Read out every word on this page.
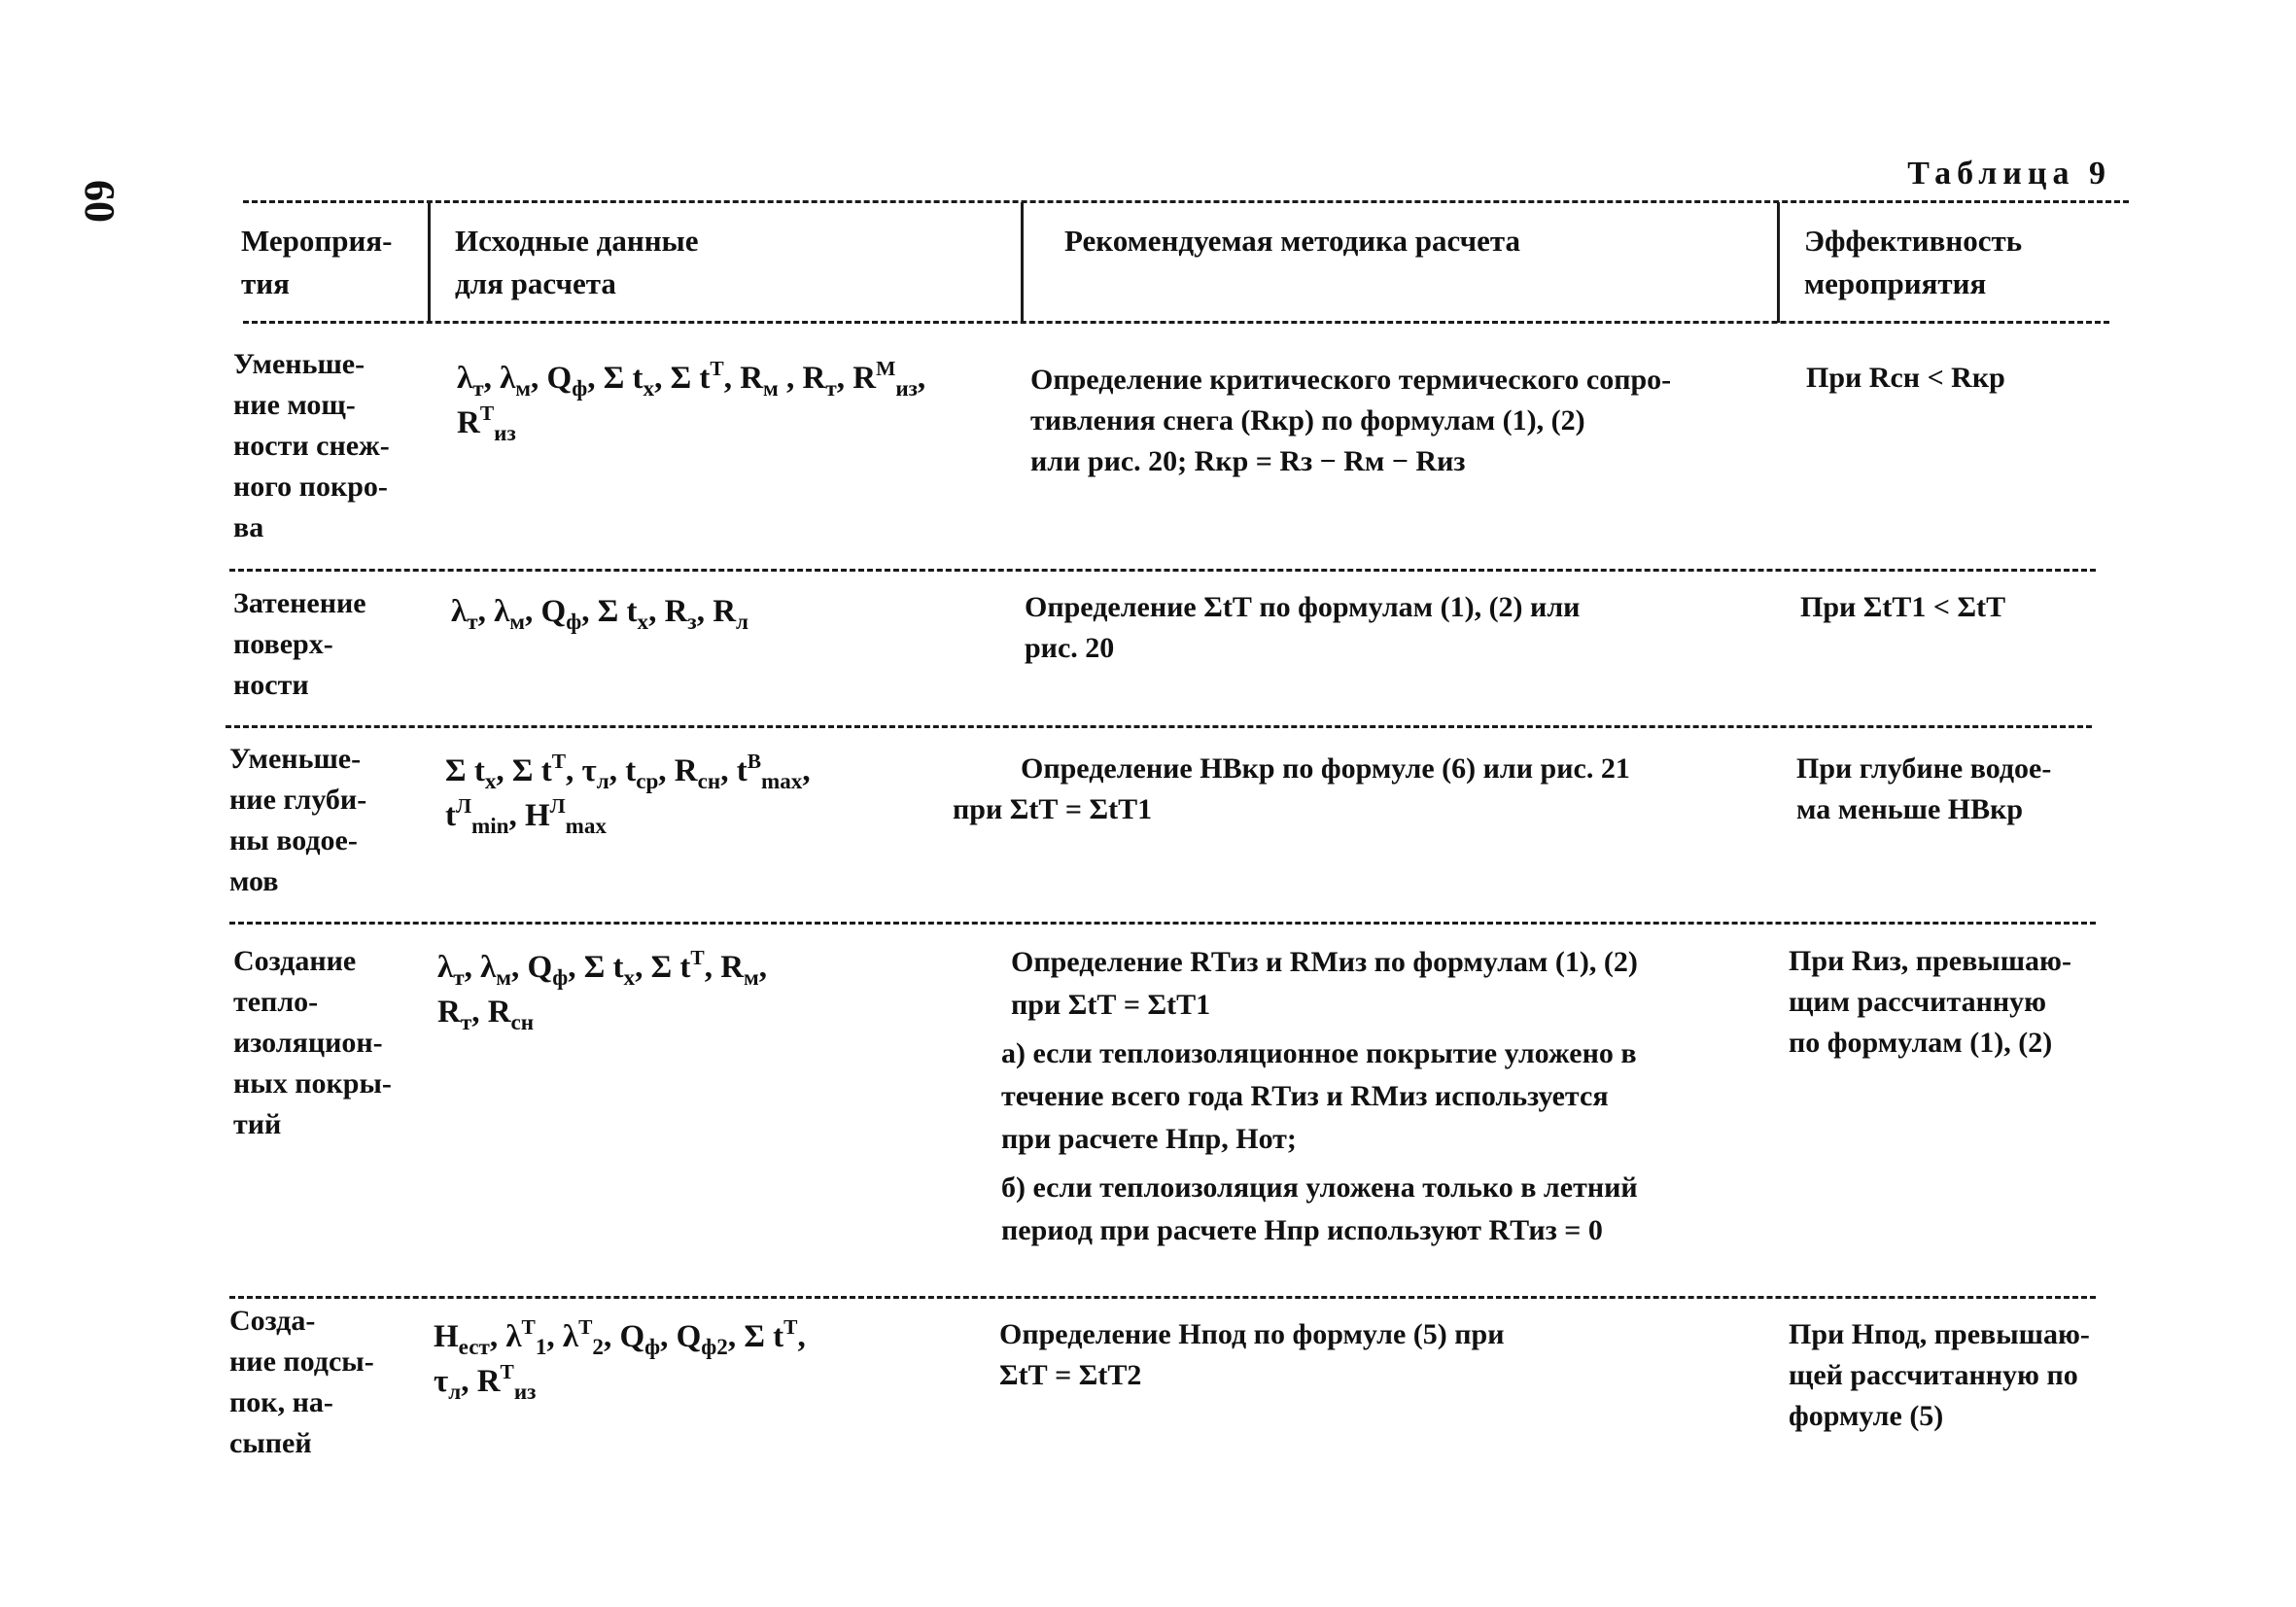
60
Таблица 9
Мероприя-
тия
Исходные данные
для расчета
Рекомендуемая методика расчета	Эффективность
мероприятия
Уменьше-
ние мощ-
ности снеж-
ного покро-
ва
$\lambda_т$, $\lambda_м$, $Q_ф$, Σ $t_х$, Σ $t^Т$, $R_м$ , $R_т$, $R^М_{из}$,
$R^Т_{из}$
Определение критического термического сопро-
тивления снега (Rкр) по формулам (1), (2)
или рис. 20; Rкр = Rз − Rм − Rиз
При Rсн < Rкр
Затенение
поверх-
ности
$\lambda_т$, $\lambda_м$, $Q_ф$, Σ $t_х$, $R_з$, $R_л$	Определение ΣtТ по формулам (1), (2) или
рис. 20
При ΣtТ1 < ΣtТ
Уменьше-
ние глуби-
ны водое-
мов
Σ $t_х$, Σ $t^Т$, $\tau_л$, $t_{ср}$, $R_{сн}$, $t^В_{max}$,
$t^Л_{min}$, $H^Л_{max}$
Определение HВкр по формуле (6) или рис. 21
при ΣtТ = ΣtТ1
При глубине водое-
ма меньше HВкр
Создание
тепло-
изоляцион-
ных покры-
тий
$\lambda_т$, $\lambda_м$, $Q_ф$, Σ $t_х$, Σ $t^Т$, $R_м$,
$R_т$, $R_{сн}$
Определение RТиз и RМиз по формулам (1), (2)
при ΣtТ = ΣtТ1
а) если теплоизоляционное покрытие уложено в
течение всего года RТиз и RМиз используется
при расчете Hпр, Hот;
б) если теплоизоляция уложена только в летний
период при расчете Hпр используют RТиз = 0
При Rиз, превышаю-
щим рассчитанную
по формулам (1), (2)
Созда-
ние подсы-
пок, на-
сыпей
$H_{ест}$, $\lambda^Т_1$, $\lambda^Т_2$, $Q_ф$, $Q_{ф2}$, Σ $t^Т$,
$\tau_л$, $R^Т_{из}$
Определение Hпод по формуле (5) при
ΣtТ = ΣtТ2
При Hпод, превышаю-
щей рассчитанную по
формуле (5)
